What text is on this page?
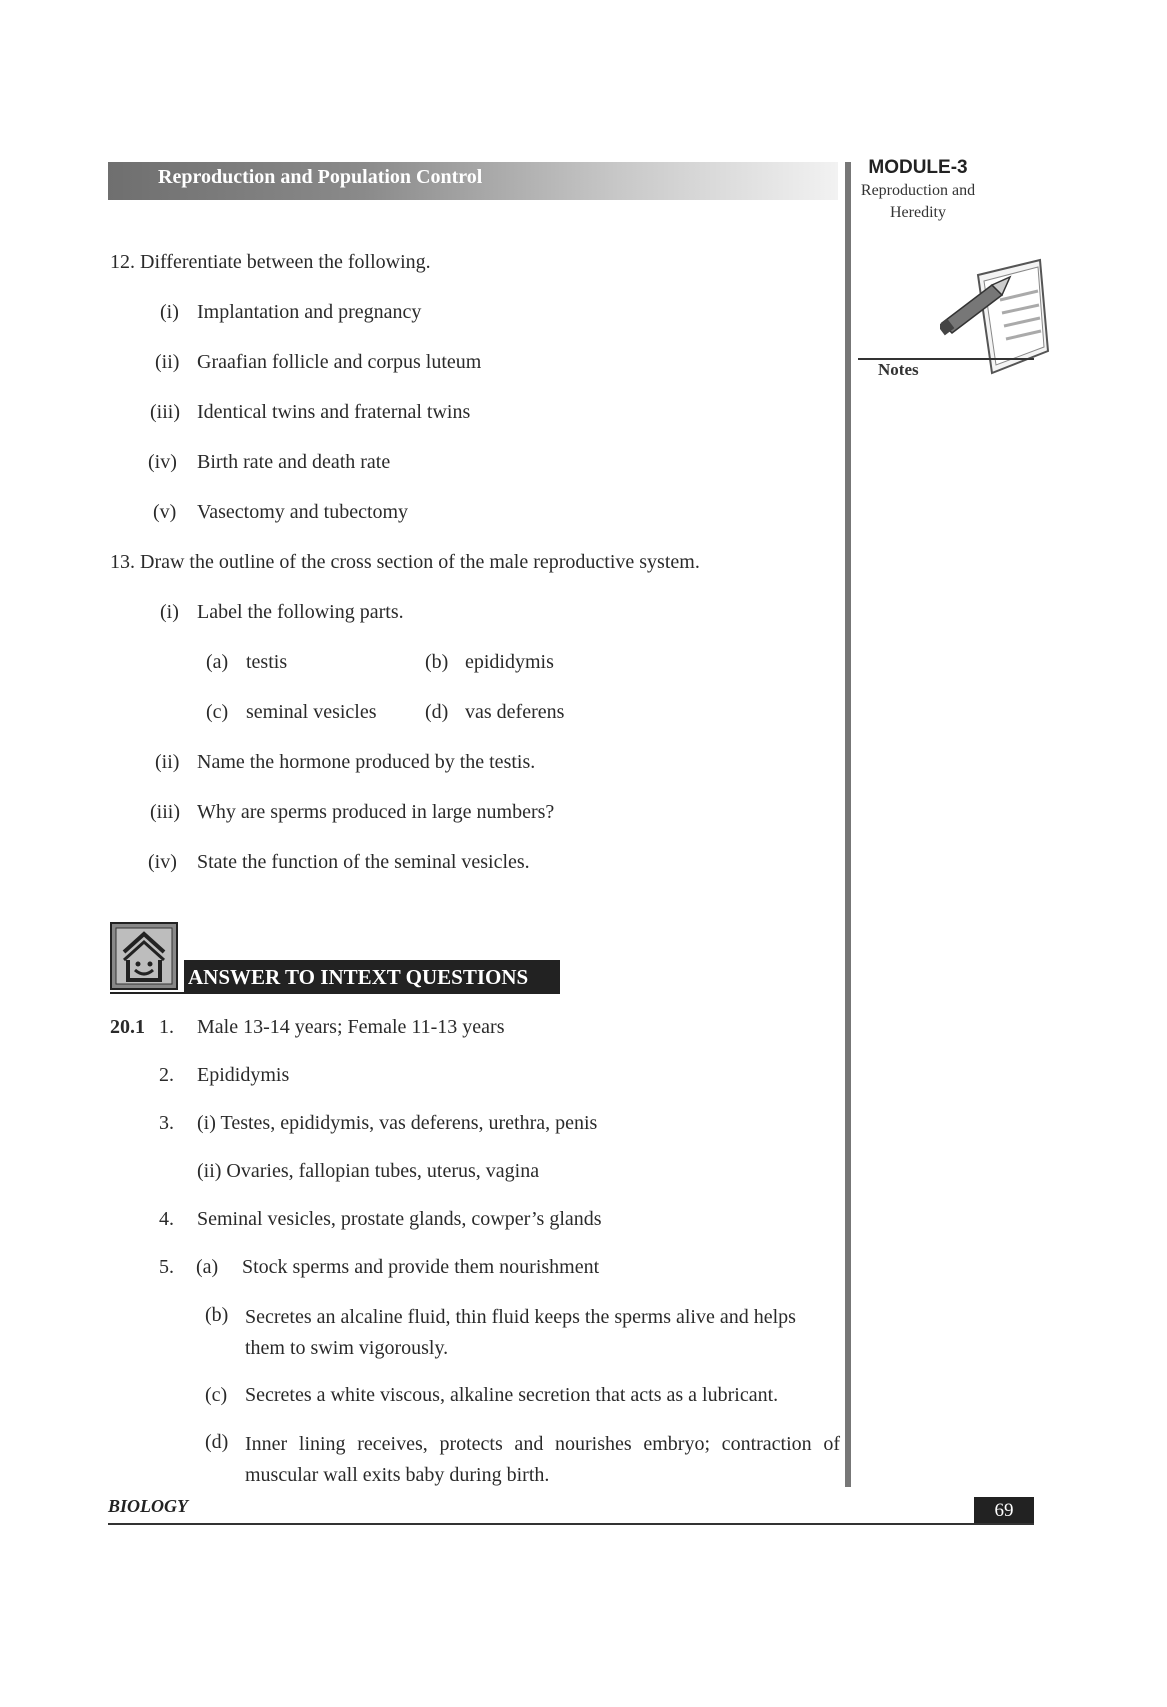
Reproduction and Population Control	MODULE-3
Reproduction and Heredity
Notes
12. Differentiate between the following.
(i) Implantation and pregnancy
(ii) Graafian follicle and corpus luteum
(iii) Identical twins and fraternal twins
(iv) Birth rate and death rate
(v) Vasectomy and tubectomy
13. Draw the outline of the cross section of the male reproductive system.
(i) Label the following parts.
(a) testis	(b) epididymis
(c) seminal vesicles (d) vas deferens
(ii) Name the hormone produced by the testis.
(iii) Why are sperms produced in large numbers?
(iv) State the function of the seminal vesicles.
ANSWER TO INTEXT QUESTIONS
20.1 1. Male 13-14 years; Female 11-13 years
2. Epididymis
3. (i) Testes, epididymis, vas deferens, urethra, penis
(ii) Ovaries, fallopian tubes, uterus, vagina
4. Seminal vesicles, prostate glands, cowper’s glands
5. (a) Stock sperms and provide them nourishment
(b) Secretes an alcaline fluid, thin fluid keeps the sperms alive and helps them to swim vigorously.
(c) Secretes a white viscous, alkaline secretion that acts as a lubricant.
(d) Inner lining receives, protects and nourishes embryo; contraction of muscular wall exits baby during birth.
BIOLOGY	69
